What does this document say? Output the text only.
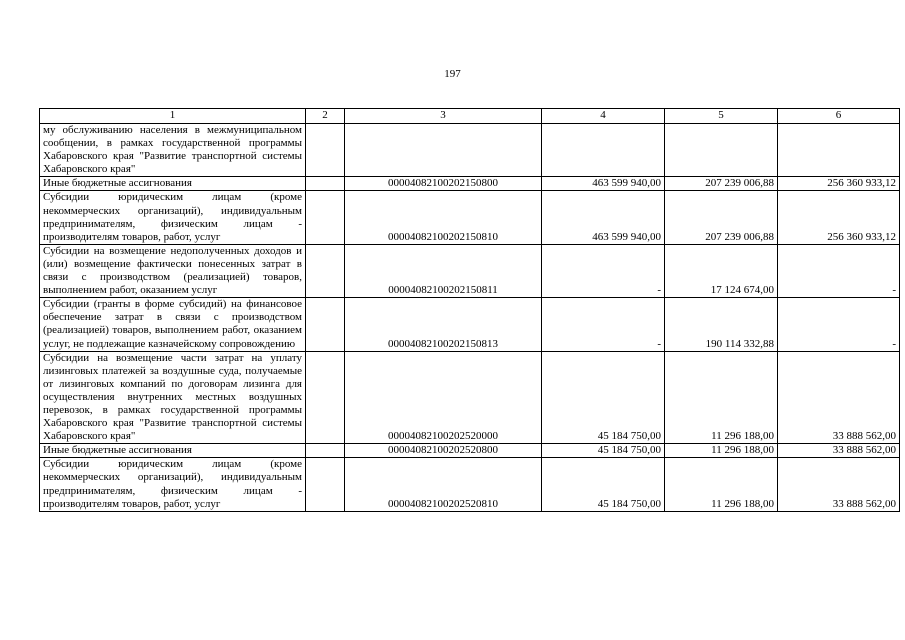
197
1	2	3	4	5	6
му обслуживанию населения в межмуниципальном сообщении, в рамках государственной программы Хабаровского края "Развитие транспортной системы Хабаровского края"					
Иные бюджетные ассигнования		00004082100202150800	463 599 940,00	207 239 006,88	256 360 933,12
Субсидии юридическим лицам (кроме некоммерческих организаций), индивидуальным предпринимателям, физическим лицам - производителям товаров, работ, услуг		00004082100202150810	463 599 940,00	207 239 006,88	256 360 933,12
Субсидии на возмещение недополученных доходов и (или) возмещение фактически понесенных затрат в связи с производством (реализацией) товаров, выполнением работ, оказанием услуг		00004082100202150811	-	17 124 674,00	-
Субсидии (гранты в форме субсидий) на финансовое обеспечение затрат в связи с производством (реализацией) товаров, выполнением работ, оказанием услуг, не подлежащие казначейскому сопровождению		00004082100202150813	-	190 114 332,88	-
Субсидии на возмещение части затрат на уплату лизинговых платежей за воздушные суда, получаемые от лизинговых компаний по договорам лизинга для осуществления внутренних местных воздушных перевозок, в рамках государственной программы Хабаровского края "Развитие транспортной системы Хабаровского края"		00004082100202520000	45 184 750,00	11 296 188,00	33 888 562,00
Иные бюджетные ассигнования		00004082100202520800	45 184 750,00	11 296 188,00	33 888 562,00
Субсидии юридическим лицам (кроме некоммерческих организаций), индивидуальным предпринимателям, физическим лицам - производителям товаров, работ, услуг		00004082100202520810	45 184 750,00	11 296 188,00	33 888 562,00
